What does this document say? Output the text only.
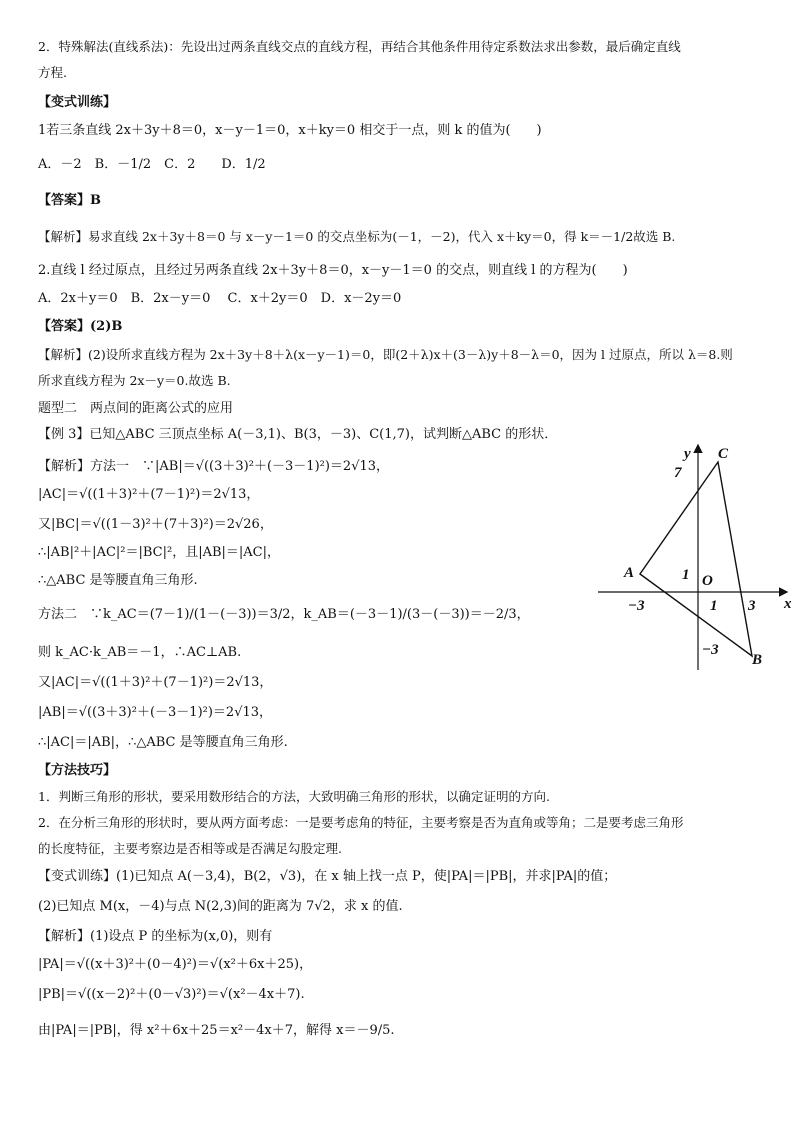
2．特殊解法(直线系法)：先设出过两条直线交点的直线方程，再结合其他条件用待定系数法求出参数，最后确定直线
方程.
【变式训练】
1若三条直线 2x＋3y＋8＝0，x－y－1＝0，x＋ky＝0 相交于一点，则 k 的值为(　　)
A．－2　B．－1/2　C．2　　D．1/2
【答案】B
【解析】易求直线 2x＋3y＋8＝0 与 x－y－1＝0 的交点坐标为(－1，－2)，代入 x＋ky＝0，得 k＝－1/2故选 B.
2.直线 l 经过原点，且经过另两条直线 2x＋3y＋8＝0，x－y－1＝0 的交点，则直线 l 的方程为(　　)
A．2x＋y＝0　B．2x－y＝0　 C．x＋2y＝0　D．x－2y＝0
【答案】(2)B
【解析】(2)设所求直线方程为 2x＋3y＋8＋λ(x－y－1)＝0，即(2＋λ)x＋(3－λ)y＋8－λ＝0，因为 l 过原点，所以 λ＝8.则
所求直线方程为 2x－y＝0.故选 B.
题型二　两点间的距离公式的应用
【例 3】已知△ABC 三顶点坐标 A(－3,1)、B(3，－3)、C(1,7)，试判断△ABC 的形状．
【解析】方法一　∵|AB|＝√((3＋3)²＋(－3－1)²)＝2√13，
|AC|＝√((1＋3)²＋(7－1)²)＝2√13，
又|BC|＝√((1－3)²＋(7＋3)²)＝2√26，
∴|AB|²＋|AC|²＝|BC|²，且|AB|＝|AC|，
∴△ABC 是等腰直角三角形.
方法二　∵k_AC＝(7－1)/(1－(－3))＝3/2，k_AB＝(－3－1)/(3－(－3))＝－2/3，
则 k_AC·k_AB＝－1，∴AC⊥AB.
又|AC|＝√((1＋3)²＋(7－1)²)＝2√13，
|AB|＝√((3＋3)²＋(－3－1)²)＝2√13，
∴|AC|＝|AB|，∴△ABC 是等腰直角三角形.
【方法技巧】
1．判断三角形的形状，要采用数形结合的方法，大致明确三角形的形状，以确定证明的方向.
2．在分析三角形的形状时，要从两方面考虑：一是要考虑角的特征，主要考察是否为直角或等角；二是要考虑三角形
的长度特征，主要考察边是否相等或是否满足勾股定理.
【变式训练】(1)已知点 A(－3,4)，B(2，√3)，在 x 轴上找一点 P，使|PA|＝|PB|，并求|PA|的值；
(2)已知点 M(x，－4)与点 N(2,3)间的距离为 7√2，求 x 的值.
【解析】(1)设点 P 的坐标为(x,0)，则有
|PA|＝√((x＋3)²＋(0－4)²)＝√(x²＋6x＋25)，
|PB|＝√((x－2)²＋(0－√3)²)＝√(x²－4x＋7).
由|PA|＝|PB|，得 x²＋6x＋25＝x²－4x＋7，解得 x＝－9/5.
x
y
O
A
B
C
−3	1 3
7
1
−3
